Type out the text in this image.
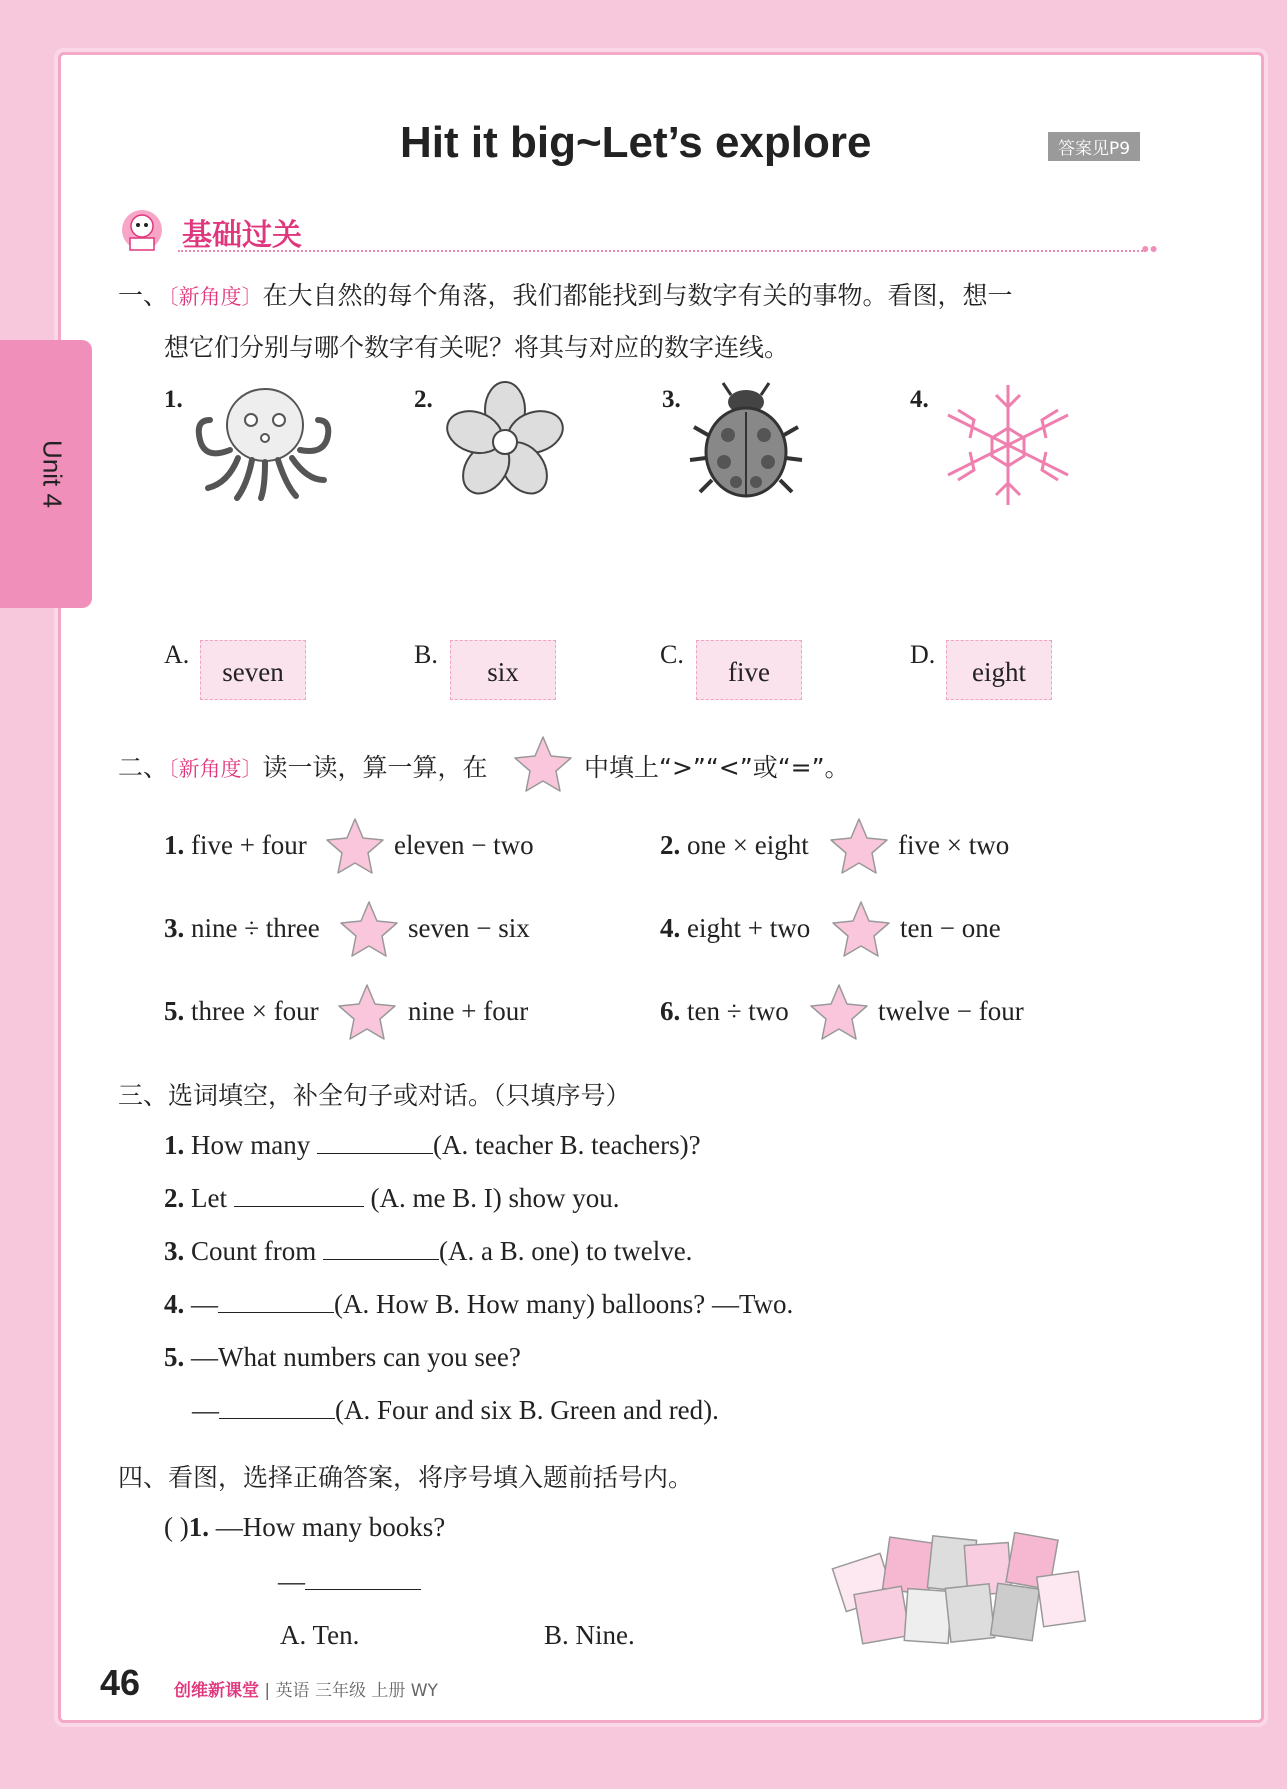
Unit 4
Hit it big~Let’s explore	答案见P9
基础过关	●●
一、〔新角度〕在大自然的每个角落，我们都能找到与数字有关的事物。看图，想一
想它们分别与哪个数字有关呢？将其与对应的数字连线。
1.	2.	3.	4.
A.
seven
B.
six
C.
five
D.
eight
二、〔新角度〕读一读，算一算，在	中填上“>”“<”或“=”。
1. five + four	eleven − two	2. one × eight	five × two
3. nine ÷ three	seven − six	4. eight + two	ten − one
5. three × four	nine + four	6. ten ÷ two	twelve − four
三、选词填空，补全句子或对话。（只填序号）
1. How many	(A. teacher B. teachers)?
2. Let	(A. me B. I) show you.
3. Count from	(A. a B. one) to twelve.
4. —	(A. How B. How many) balloons? —Two.
5. —What numbers can you see?
—	(A. Four and six B. Green and red).
四、看图，选择正确答案，将序号填入题前括号内。
( )1. —How many books?
—
A. Ten.	B. Nine.
46 创维新课堂 | 英语 三年级 上册 WY
